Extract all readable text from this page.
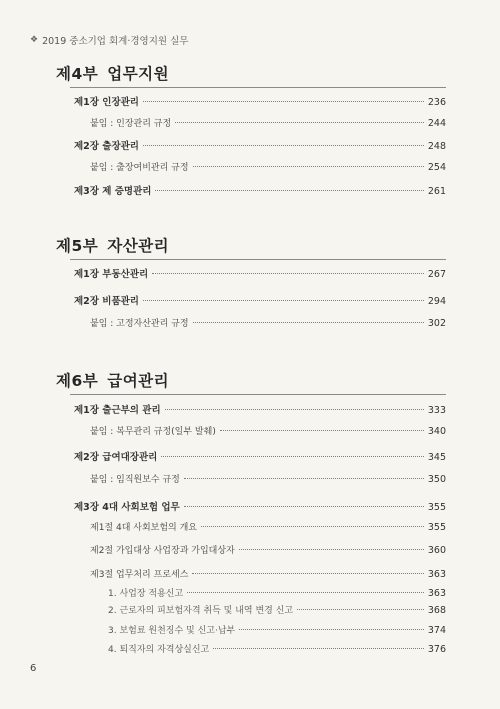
❖ 2019 중소기업 회계·경영지원 실무
제4부 업무지원
제1장 인장관리	236
붙임 : 인장관리 규정	244
제2장 출장관리	248
붙임 : 출장여비관리 규정	254
제3장 제 증명관리	261
제5부 자산관리
제1장 부동산관리	267
제2장 비품관리	294
붙임 : 고정자산관리 규정	302
제6부 급여관리
제1장 출근부의 관리	333
붙임 : 복무관리 규정(일부 발췌)	340
제2장 급여대장관리	345
붙임 : 임직원보수 규정	350
제3장 4대 사회보험 업무	355
제1절 4대 사회보험의 개요	355
제2절 가입대상 사업장과 가입대상자	360
제3절 업무처리 프로세스	363
1. 사업장 적용신고	363
2. 근로자의 피보험자격 취득 및 내역 변경 신고	368
3. 보험료 원천징수 및 신고·납부	374
4. 퇴직자의 자격상실신고	376
6
